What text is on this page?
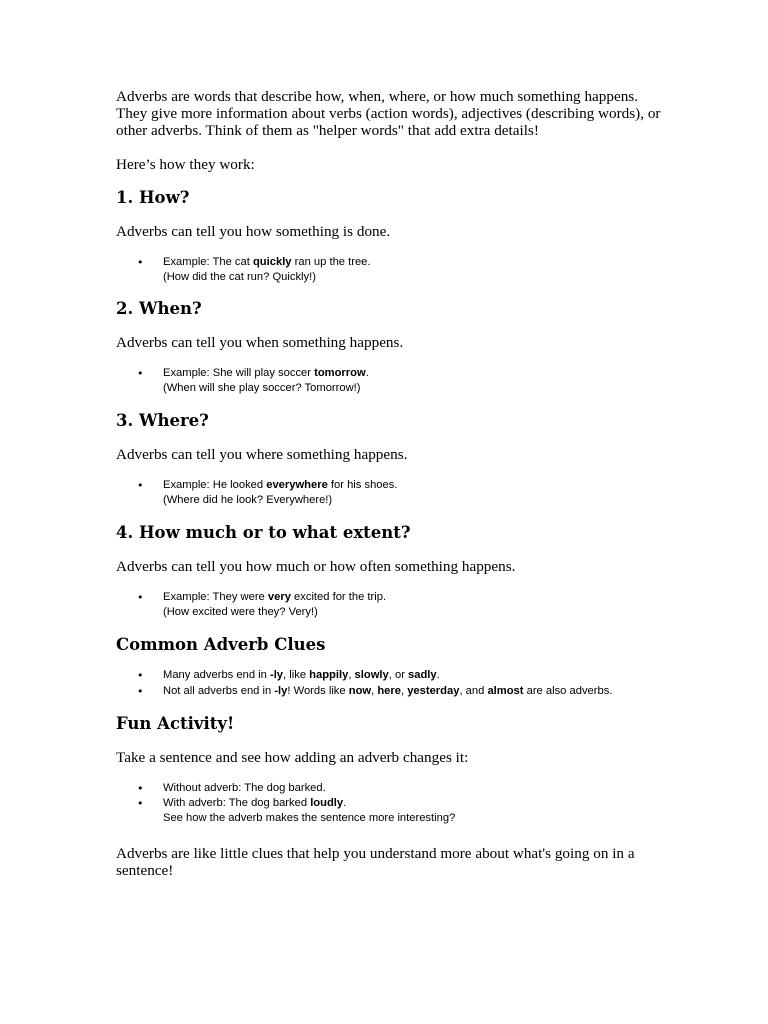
Adverbs are words that describe how, when, where, or how much something happens. They give more information about verbs (action words), adjectives (describing words), or other adverbs. Think of them as "helper words" that add extra details!

Here’s how they work:

1. How?

Adverbs can tell you how something is done.

• Example: The cat quickly ran up the tree.
(How did the cat run? Quickly!)
2. When?

Adverbs can tell you when something happens.

• Example: She will play soccer tomorrow.
(When will she play soccer? Tomorrow!)
3. Where?

Adverbs can tell you where something happens.

• Example: He looked everywhere for his shoes.
(Where did he look? Everywhere!)
4. How much or to what extent?

Adverbs can tell you how much or how often something happens.

• Example: They were very excited for the trip.
(How excited were they? Very!)
Common Adverb Clues
• Many adverbs end in -ly, like happily, slowly, or sadly.
• Not all adverbs end in -ly! Words like now, here, yesterday, and almost are also adverbs.
Fun Activity!

Take a sentence and see how adding an adverb changes it:

• Without adverb: The dog barked.
• With adverb: The dog barked loudly.
See how the adverb makes the sentence more interesting?

Adverbs are like little clues that help you understand more about what's going on in a sentence!
